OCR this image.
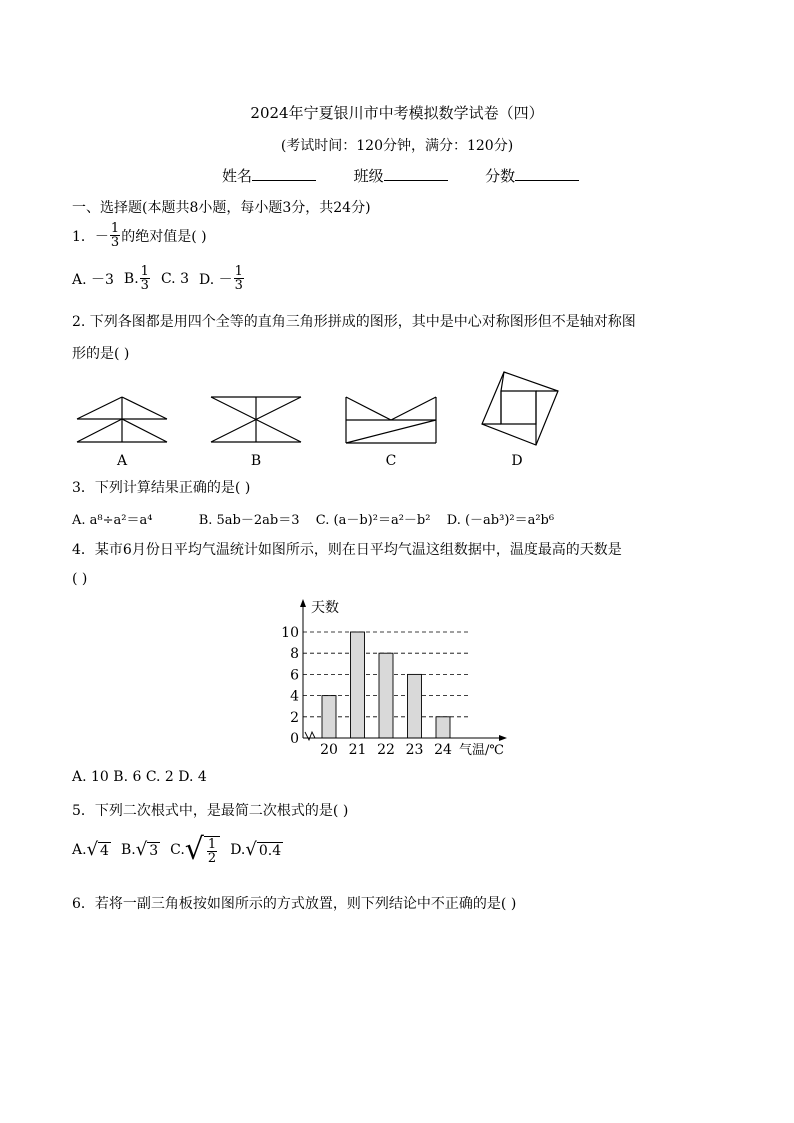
2024年宁夏银川市中考模拟数学试卷（四）
(考试时间：120分钟，满分：120分)
姓名	班级	分数
一、选择题(本题共8小题，每小题3分，共24分)
1． － $\frac{1}{3}$ 的绝对值是( )
A. －3 B. $\frac{1}{3} C$. 3 D. － $\frac{1}{3}$
2. 下列各图都是用四个全等的直角三角形拼成的图形，其中是中心对称图形但不是轴对称图
形的是( )
A	B	C	D
3．下列计算结果正确的是( )
A. a⁸÷a²＝a⁴	B. 5ab－2ab＝3 C. (a－b)²＝a²－b² D. (－ab³)²＝a²b⁶
4．某市6月份日平均气温统计如图所示，则在日平均气温这组数据中，温度最高的天数是
( )
0
2
4
6
8
10
20 21 22 23 24
天数
气温/℃
A. 10 B. 6 C. 2 D. 4
5．下列二次根式中，是最简二次根式的是( )
A. √ 4 B. √ 3 C. √ $\frac{1}{2} D$. √ 0.4
6．若将一副三角板按如图所示的方式放置，则下列结论中不正确的是( )
